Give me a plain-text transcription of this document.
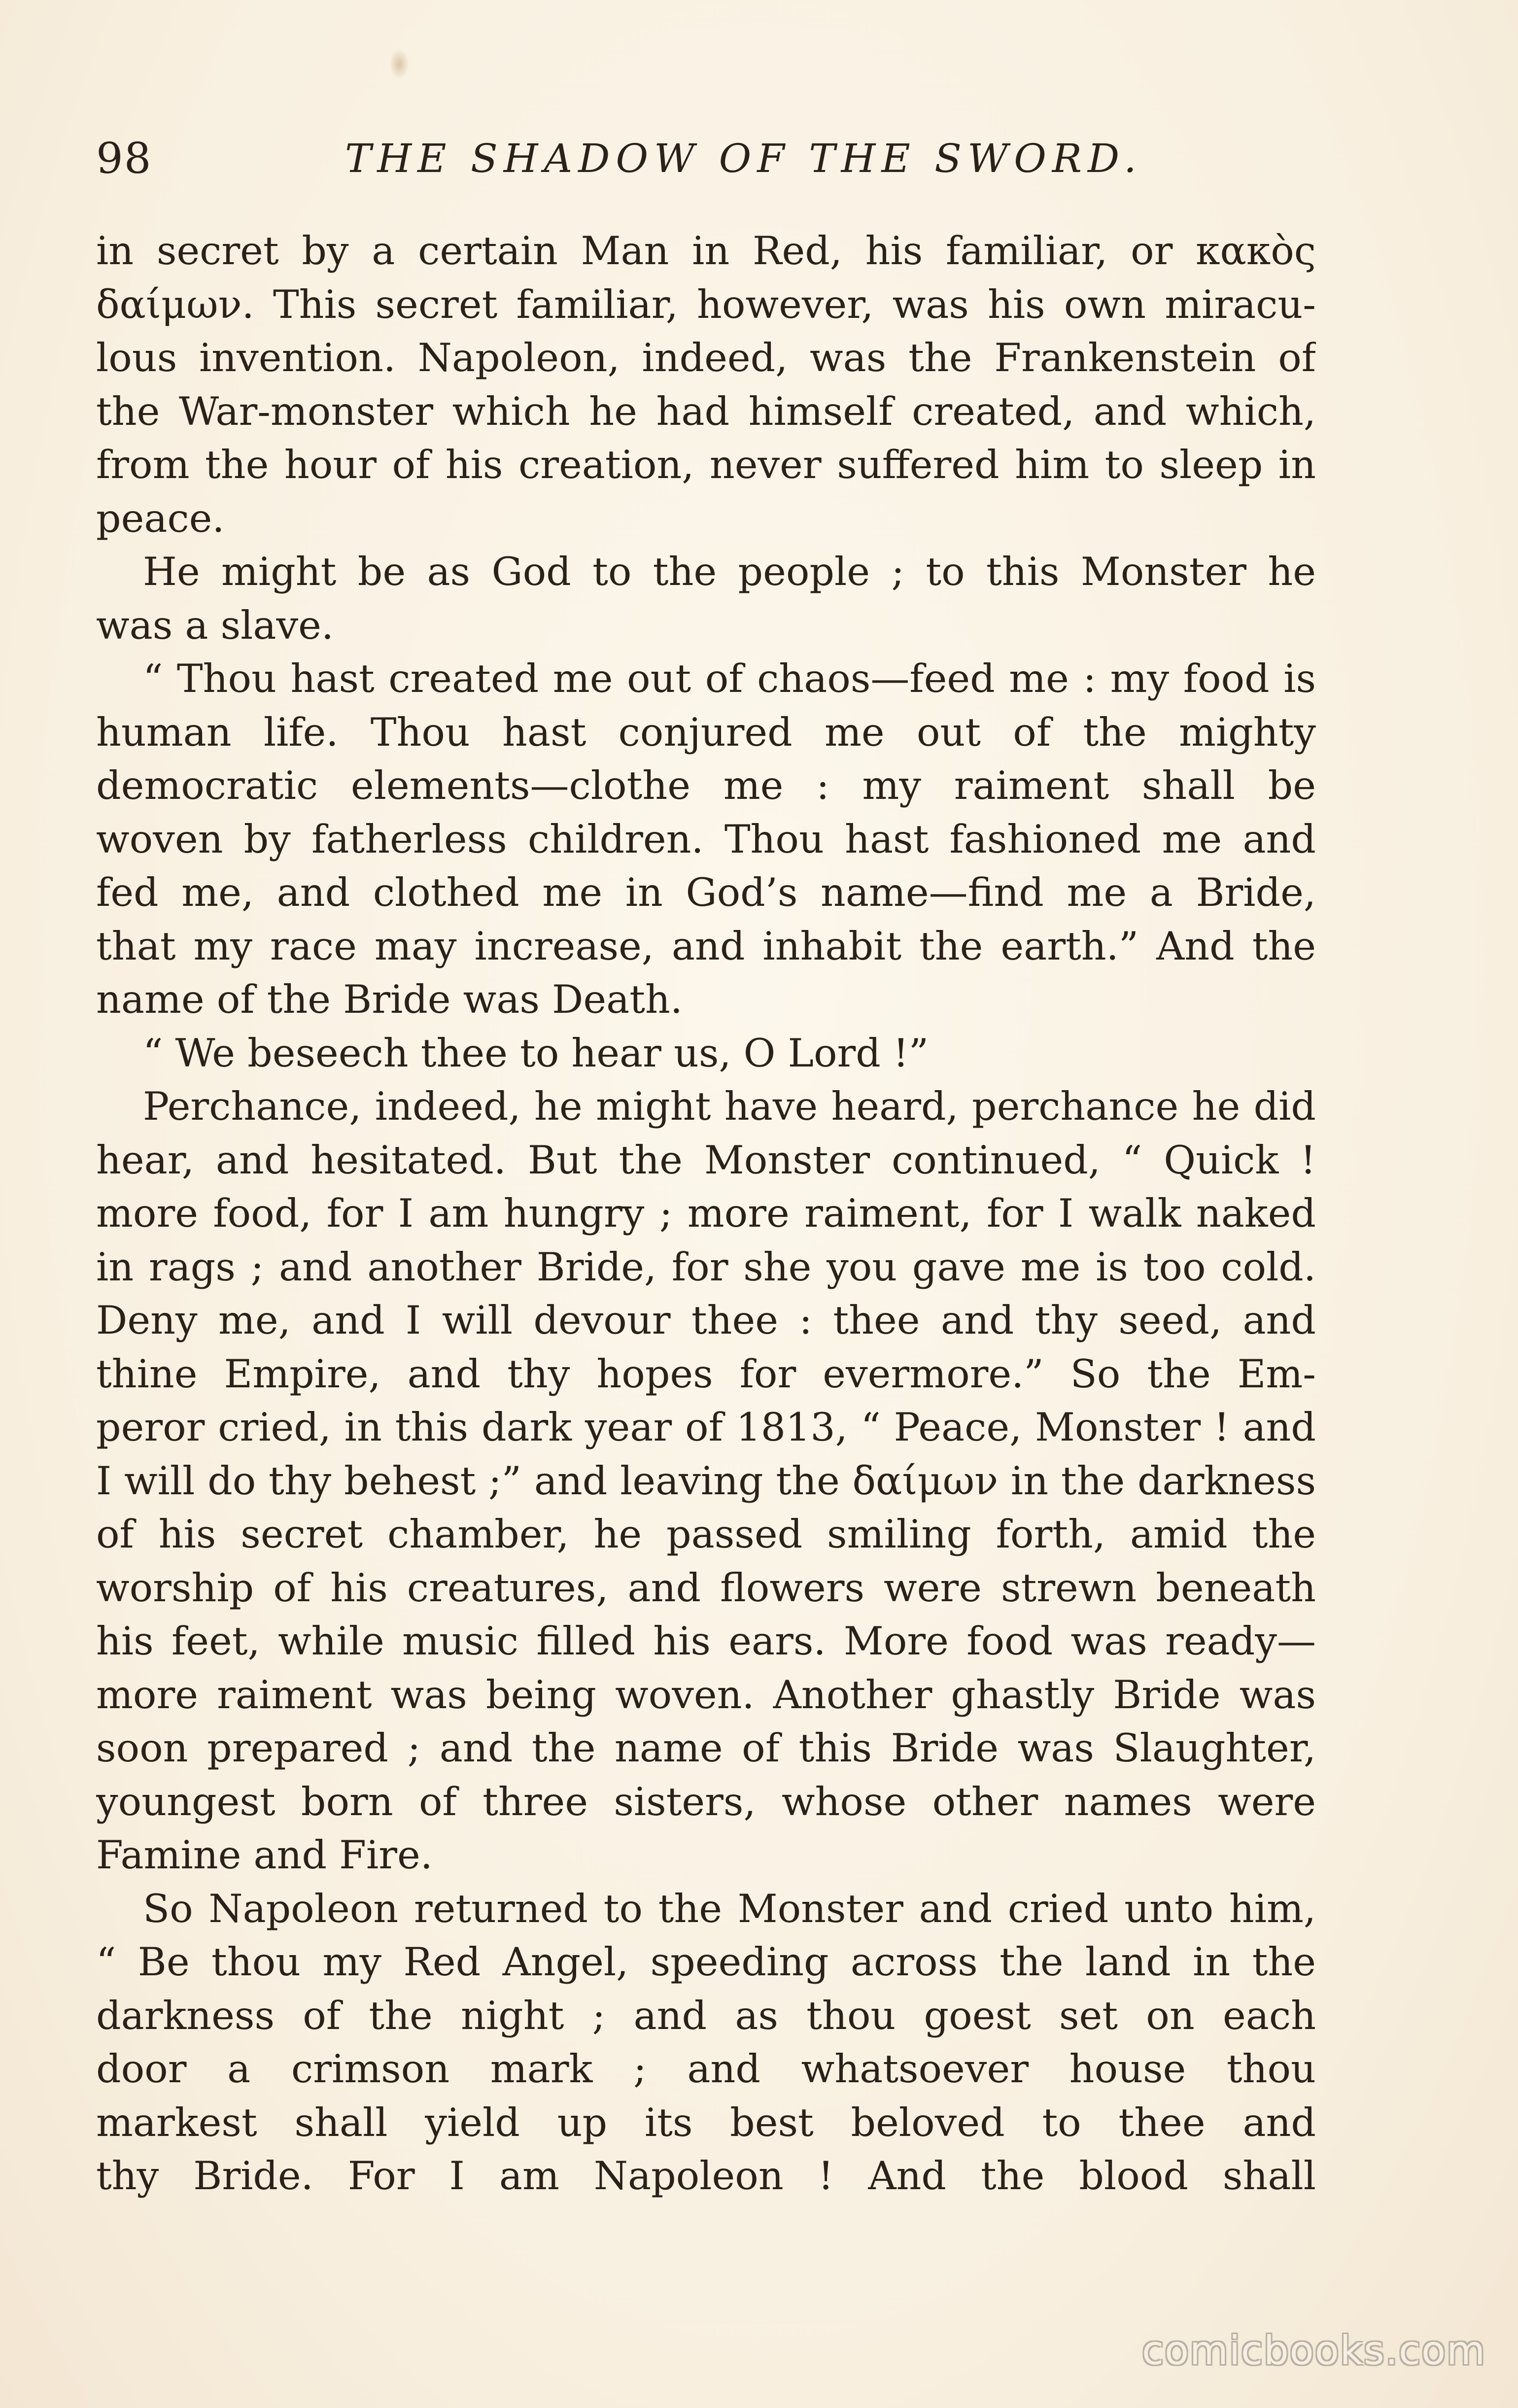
98	THE SHADOW OF THE SWORD.
in secret by a certain Man in Red, his familiar, or κακὸς
δαίμων. This secret familiar, however, was his own miracu-
lous invention. Napoleon, indeed, was the Frankenstein of
the War-monster which he had himself created, and which,
from the hour of his creation, never suffered him to sleep in
peace.
He might be as God to the people ; to this Monster he
was a slave.
“ Thou hast created me out of chaos—feed me : my food is
human life. Thou hast conjured me out of the mighty
democratic elements—clothe me : my raiment shall be
woven by fatherless children. Thou hast fashioned me and
fed me, and clothed me in God’s name—find me a Bride,
that my race may increase, and inhabit the earth.” And the
name of the Bride was Death.
“ We beseech thee to hear us, O Lord !”
Perchance, indeed, he might have heard, perchance he did
hear, and hesitated. But the Monster continued, “ Quick !
more food, for I am hungry ; more raiment, for I walk naked
in rags ; and another Bride, for she you gave me is too cold.
Deny me, and I will devour thee : thee and thy seed, and
thine Empire, and thy hopes for evermore.” So the Em-
peror cried, in this dark year of 1813, “ Peace, Monster ! and
I will do thy behest ;” and leaving the δαίμων in the darkness
of his secret chamber, he passed smiling forth, amid the
worship of his creatures, and flowers were strewn beneath
his feet, while music filled his ears. More food was ready—
more raiment was being woven. Another ghastly Bride was
soon prepared ; and the name of this Bride was Slaughter,
youngest born of three sisters, whose other names were
Famine and Fire.
So Napoleon returned to the Monster and cried unto him,
“ Be thou my Red Angel, speeding across the land in the
darkness of the night ; and as thou goest set on each
door a crimson mark ; and whatsoever house thou
markest shall yield up its best beloved to thee and
thy Bride. For I am Napoleon ! And the blood shall
comicbooks.com
